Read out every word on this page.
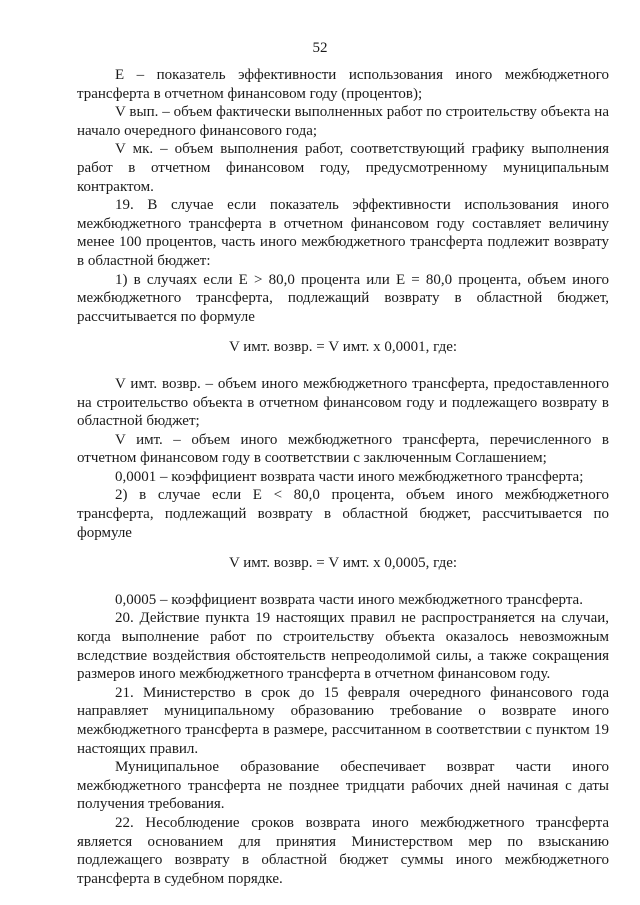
52

Е – показатель эффективности использования иного межбюджетного трансферта в отчетном финансовом году (процентов);

V вып. – объем фактически выполненных работ по строительству объекта на начало очередного финансового года;

V мк. – объем выполнения работ, соответствующий графику выполнения работ в отчетном финансовом году, предусмотренному муниципальным контрактом.

19. В случае если показатель эффективности использования иного межбюджетного трансферта в отчетном финансовом году составляет величину менее 100 процентов, часть иного межбюджетного трансферта подлежит возврату в областной бюджет:

1) в случаях если Е > 80,0 процента или Е = 80,0 процента, объем иного межбюджетного трансферта, подлежащий возврату в областной бюджет, рассчитывается по формуле

V имт. возвр. = V имт. x 0,0001, где:

V имт. возвр. – объем иного межбюджетного трансферта, предоставленного на строительство объекта в отчетном финансовом году и подлежащего возврату в областной бюджет;

V имт. – объем иного межбюджетного трансферта, перечисленного в отчетном финансовом году в соответствии с заключенным Соглашением;

0,0001 – коэффициент возврата части иного межбюджетного трансферта;

2) в случае если Е < 80,0 процента, объем иного межбюджетного трансферта, подлежащий возврату в областной бюджет, рассчитывается по формуле

V имт. возвр. = V имт. x 0,0005, где:

0,0005 – коэффициент возврата части иного межбюджетного трансферта.

20. Действие пункта 19 настоящих правил не распространяется на случаи, когда выполнение работ по строительству объекта оказалось невозможным вследствие воздействия обстоятельств непреодолимой силы, а также сокращения размеров иного межбюджетного трансферта в отчетном финансовом году.

21. Министерство в срок до 15 февраля очередного финансового года направляет муниципальному образованию требование о возврате иного межбюджетного трансферта в размере, рассчитанном в соответствии с пунктом 19 настоящих правил.

Муниципальное образование обеспечивает возврат части иного межбюджетного трансферта не позднее тридцати рабочих дней начиная с даты получения требования.

22. Несоблюдение сроков возврата иного межбюджетного трансферта является основанием для принятия Министерством мер по взысканию подлежащего возврату в областной бюджет суммы иного межбюджетного трансферта в судебном порядке.
